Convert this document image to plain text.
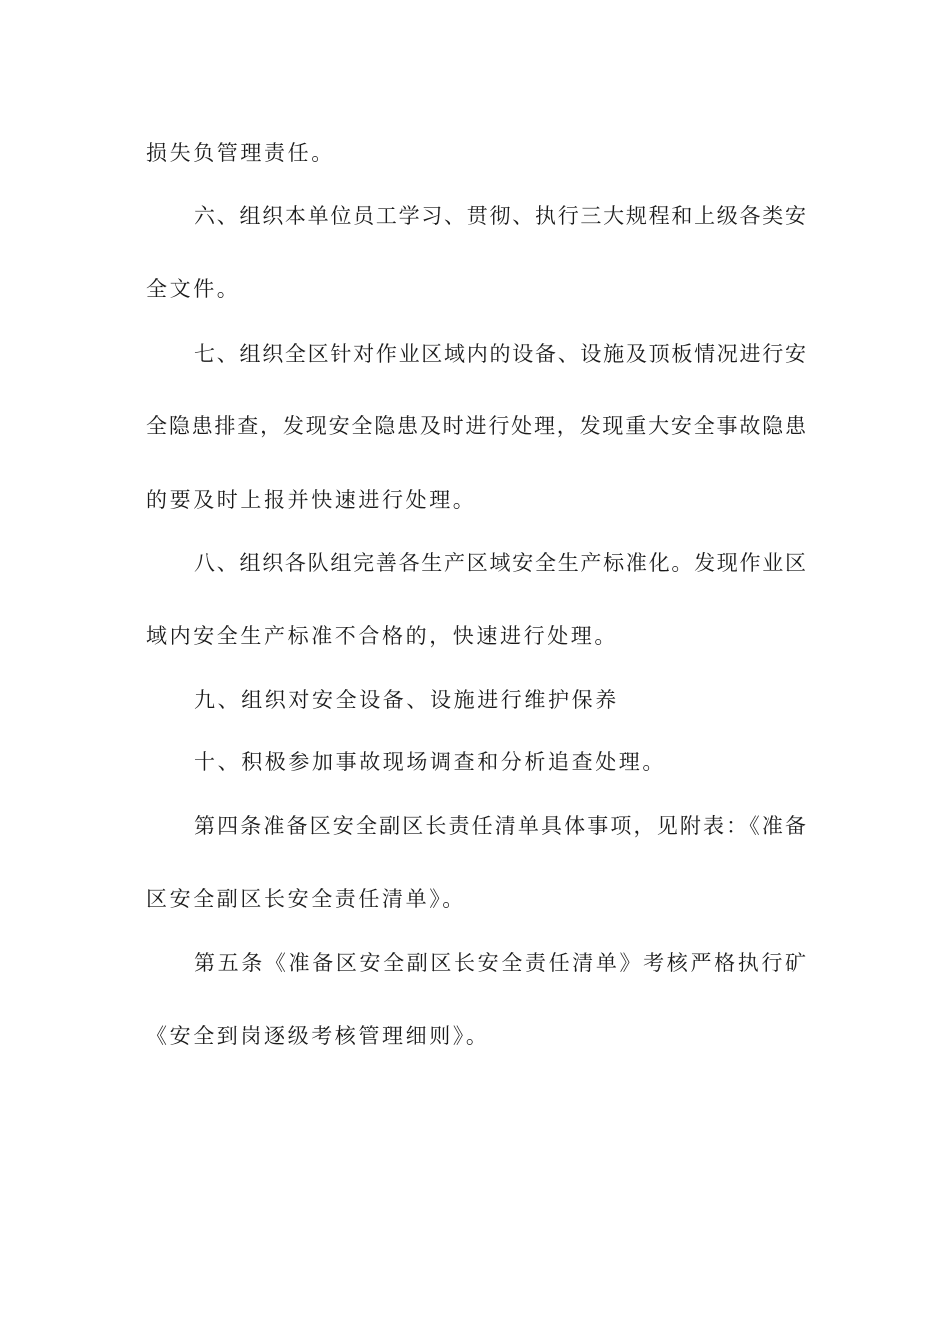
损失负管理责任。
六、组织本单位员工学习、贯彻、执行三大规程和上级各类安
全文件。
七、组织全区针对作业区域内的设备、设施及顶板情况进行安
全隐患排查，发现安全隐患及时进行处理，发现重大安全事故隐患
的要及时上报并快速进行处理。
八、组织各队组完善各生产区域安全生产标准化。发现作业区
域内安全生产标准不合格的，快速进行处理。
九、组织对安全设备、设施进行维护保养
十、积极参加事故现场调查和分析追查处理。
第四条准备区安全副区长责任清单具体事项，见附表：《准备
区安全副区长安全责任清单》。
第五条《准备区安全副区长安全责任清单》考核严格执行矿
《安全到岗逐级考核管理细则》。
